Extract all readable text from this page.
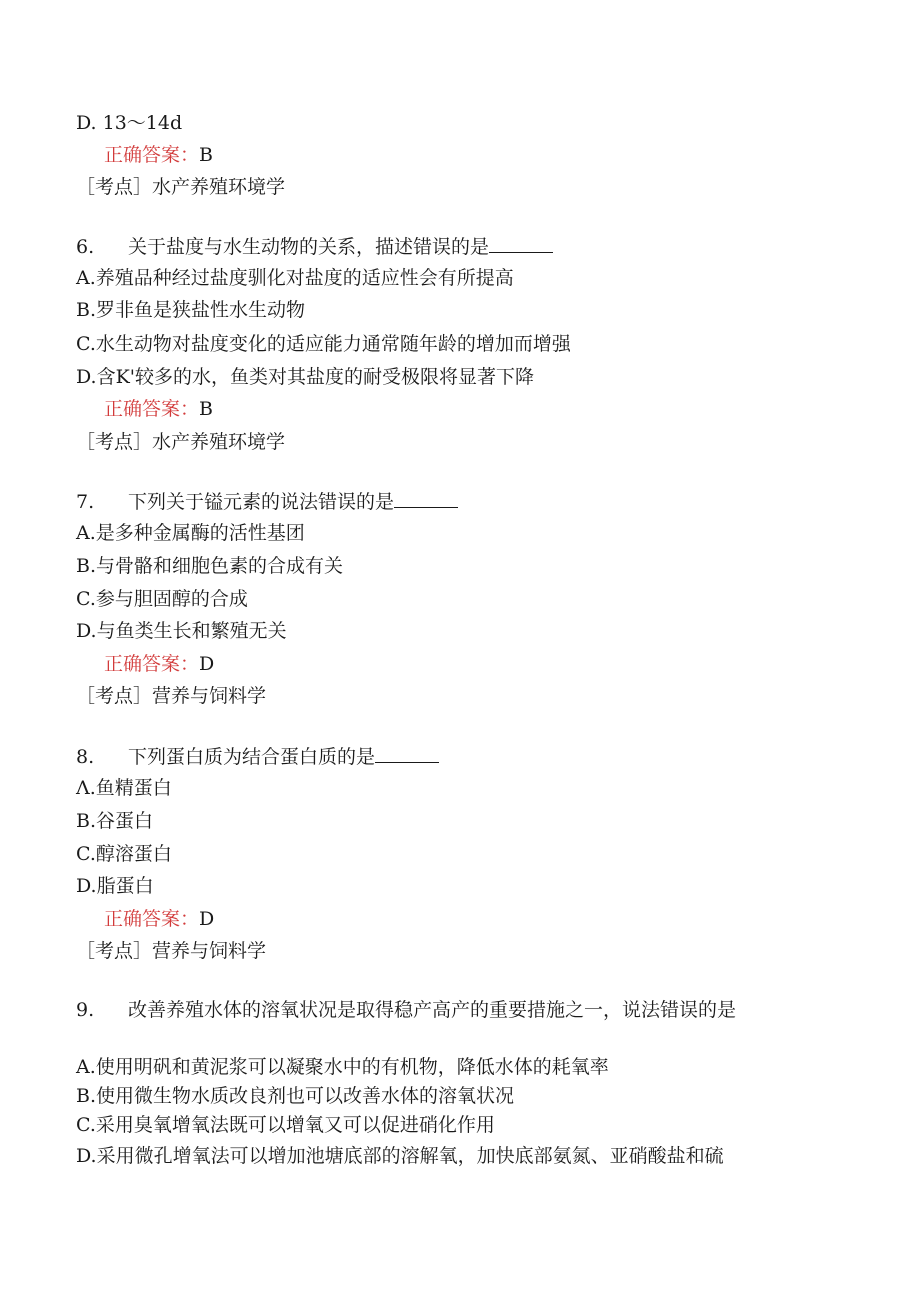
D. 13～14d
正确答案：B
［考点］水产养殖环境学
6. 关于盐度与水生动物的关系，描述错误的是
A.养殖品种经过盐度驯化对盐度的适应性会有所提高
B.罗非鱼是狭盐性水生动物
C.水生动物对盐度变化的适应能力通常随年龄的增加而增强
D.含K'较多的水，鱼类对其盐度的耐受极限将显著下降
正确答案：B
［考点］水产养殖环境学
7. 下列关于镒元素的说法错误的是
A.是多种金属酶的活性基团
B.与骨骼和细胞色素的合成有关
C.参与胆固醇的合成
D.与鱼类生长和繁殖无关
正确答案：D
［考点］营养与饲料学
8. 下列蛋白质为结合蛋白质的是
Λ.鱼精蛋白
B.谷蛋白
C.醇溶蛋白
D.脂蛋白
正确答案：D
［考点］营养与饲料学
9. 改善养殖水体的溶氧状况是取得稳产高产的重要措施之一，说法错误的是
A.使用明矾和黄泥浆可以凝聚水中的有机物，降低水体的耗氧率
B.使用微生物水质改良剂也可以改善水体的溶氧状况
C.采用臭氧增氧法既可以增氧又可以促进硝化作用
D.采用微孔增氧法可以增加池塘底部的溶解氧，加快底部氨氮、亚硝酸盐和硫
